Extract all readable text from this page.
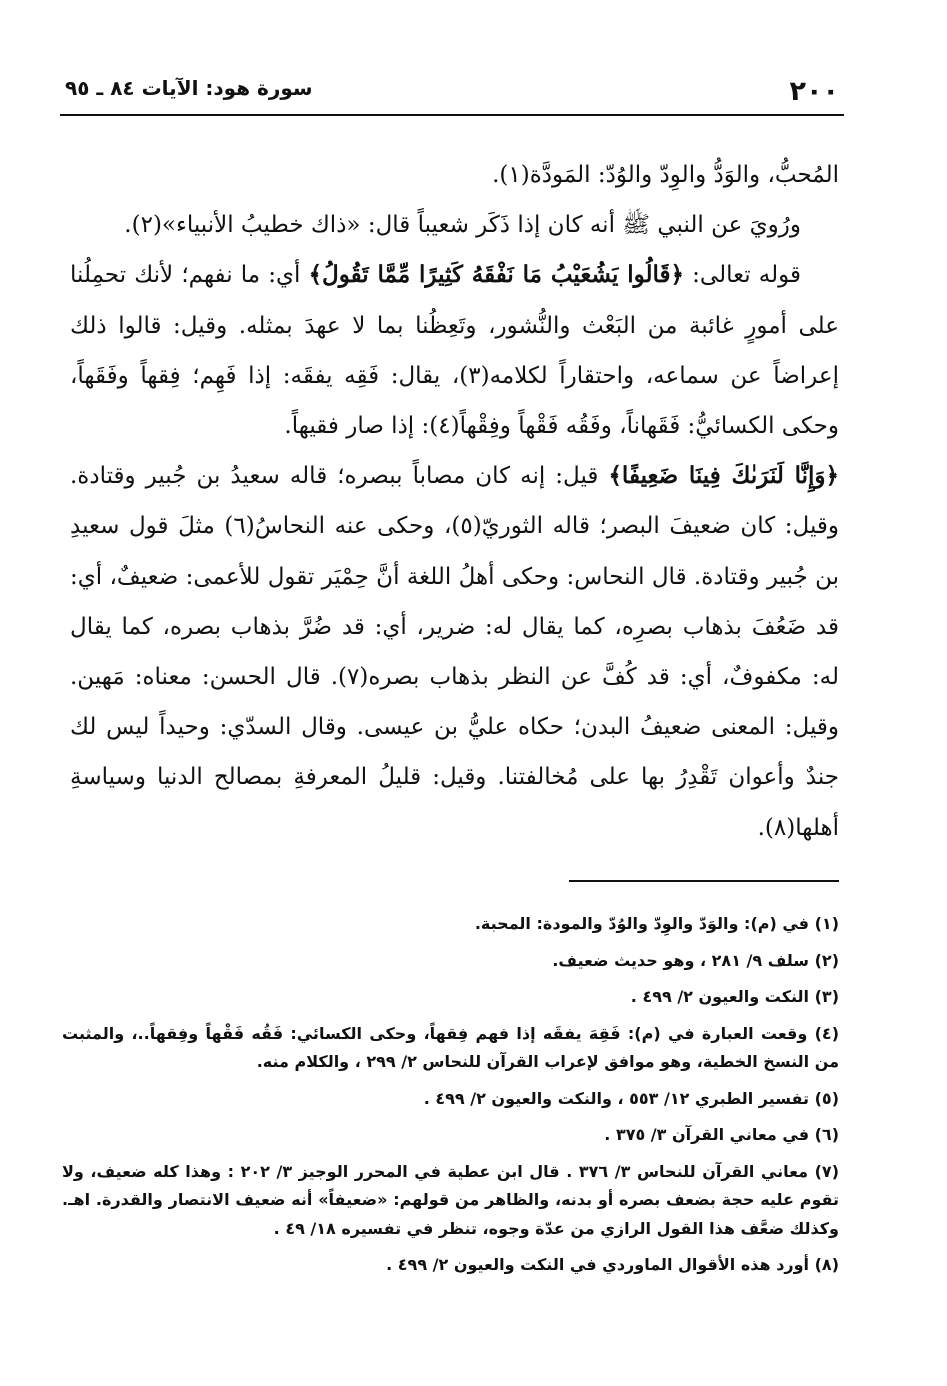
٢٠٠
سورة هود: الآيات ٨٤ ـ ٩٥

المُحبُّ، والوَدُّ والوِدّ والوُدّ: المَودَّة(١).

ورُويَ عن النبي ﷺ أنه كان إذا ذَكَر شعيباً قال: «ذاك خطيبُ الأنبياء»(٢).

قوله تعالى: ﴿قَالُوا يَشُعَيْبُ مَا نَفْقَهُ كَثِيرًا مِّمَّا تَقُولُ﴾ أي: ما نفهم؛ لأنك تحمِلُنا على أمورٍ غائبة من البَعْث والنُّشور، وتَعِظُنا بما لا عهدَ بمثله. وقيل: قالوا ذلك إعراضاً عن سماعه، واحتقاراً لكلامه(٣)، يقال: فَقِه يفقَه: إذا فَهِم؛ فِقهاً وفَقَهاً، وحكى الكسائيُّ: فَقَهاناً، وفَقُه فَقْهاً وفِقْهاً(٤): إذا صار فقيهاً.

﴿وَإِنَّا لَنَرَىٰكَ فِينَا ضَعِيفًا﴾ قيل: إنه كان مصاباً ببصره؛ قاله سعيدُ بن جُبير وقتادة. وقيل: كان ضعيفَ البصر؛ قاله الثوريّ(٥)، وحكى عنه النحاسُ(٦) مثلَ قول سعيدِ بن جُبير وقتادة. قال النحاس: وحكى أهلُ اللغة أنَّ حِمْيَر تقول للأعمى: ضعيفٌ، أي: قد ضَعُفَ بذهاب بصرِه، كما يقال له: ضرير، أي: قد ضُرَّ بذهاب بصره، كما يقال له: مكفوفٌ، أي: قد كُفَّ عن النظر بذهاب بصره(٧). قال الحسن: معناه: مَهين. وقيل: المعنى ضعيفُ البدن؛ حكاه عليُّ بن عيسى. وقال السدّي: وحيداً ليس لك جندٌ وأعوان تَقْدِرُ بها على مُخالفتنا. وقيل: قليلُ المعرفةِ بمصالح الدنيا وسياسةِ أهلها(٨).

(١) في (م): والوَدّ والوِدّ والوُدّ والمودة: المحبة.

(٢) سلف ٩/ ٢٨١ ، وهو حديث ضعيف.

(٣) النكت والعيون ٢/ ٤٩٩ .

(٤) وقعت العبارة في (م): فَقِهَ يفقَه إذا فهم فِقهاً، وحكى الكسائي: فَقُه فَقْهاً وفِقهاً..، والمثبت من النسخ الخطية، وهو موافق لإعراب القرآن للنحاس ٢/ ٢٩٩ ، والكلام منه.

(٥) تفسير الطبري ١٢/ ٥٥٣ ، والنكت والعيون ٢/ ٤٩٩ .

(٦) في معاني القرآن ٣/ ٣٧٥ .

(٧) معاني القرآن للنحاس ٣/ ٣٧٦ . قال ابن عطية في المحرر الوجيز ٣/ ٢٠٢ : وهذا كله ضعيف، ولا تقوم عليه حجة بضعف بصره أو بدنه، والظاهر من قولهم: «ضعيفاً» أنه ضعيف الانتصار والقدرة. اهـ. وكذلك ضعَّف هذا القول الرازي من عدّة وجوه، تنظر في تفسيره ١٨/ ٤٩ .

(٨) أورد هذه الأقوال الماوردي في النكت والعيون ٢/ ٤٩٩ .
